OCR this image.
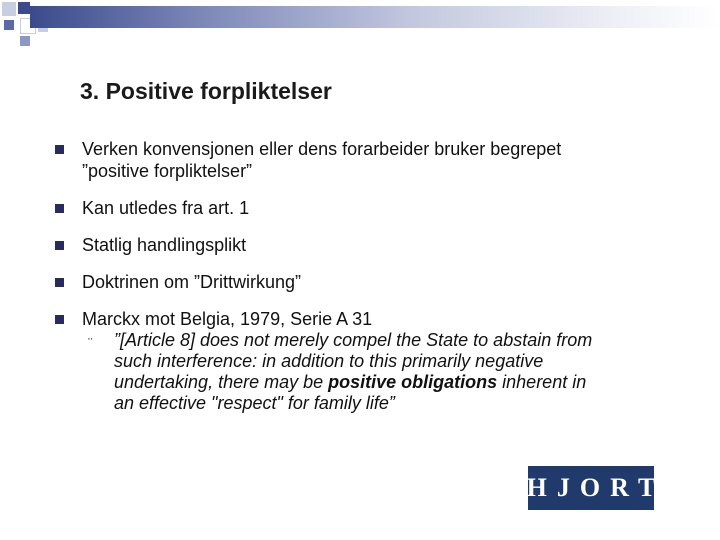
3. Positive forpliktelser
Verken konvensjonen eller dens forarbeider bruker begrepet
”positive forpliktelser”
Kan utledes fra art. 1
Statlig handlingsplikt
Doktrinen om ”Drittwirkung”
Marckx mot Belgia, 1979, Serie A 31
¨ ”[Article 8] does not merely compel the State to abstain from
such interference: in addition to this primarily negative
undertaking, there may be positive obligations inherent in
an effective "respect" for family life”
HJORT
